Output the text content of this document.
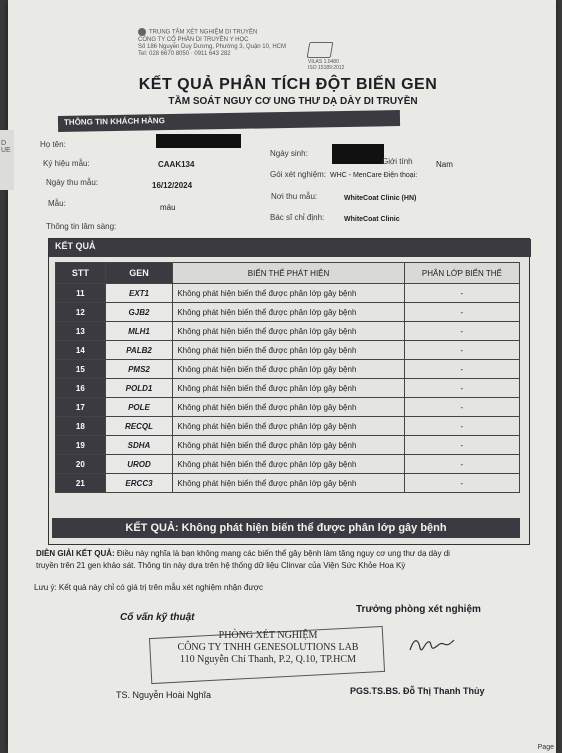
TRUNG TÂM XÉT NGHIỆM DI TRUYỀN
CÔNG TY CỔ PHẦN DI TRUYỀN Y HỌC
Số 186 Nguyễn Duy Dương, Phường 3, Quận 10, HCM
Tel: 028 6670 8050 · 0911 643 282
VILAS 1.0480
ISO 15189:2012
KẾT QUẢ PHÂN TÍCH ĐỘT BIẾN GEN
TẦM SOÁT NGUY CƠ UNG THƯ DẠ DÀY DI TRUYỀN
THÔNG TIN KHÁCH HÀNG
Họ tên:
Ngày sinh:
Giới tính	Nam
Ký hiệu mẫu:	CAAK134
Gói xét nghiệm: WHC - MenCare Điện thoại:
Ngày thu mẫu:	16/12/2024
Nơi thu mẫu:	WhiteCoat Clinic (HN)
Mẫu:	máu
Bác sĩ chỉ định:	WhiteCoat Clinic
Thông tin lâm sàng:
KẾT QUẢ
STT	GEN	BIẾN THỂ PHÁT HIỆN	PHÂN LỚP BIẾN THỂ
11	EXT1	Không phát hiện biến thể được phân lớp gây bệnh	-
12	GJB2	Không phát hiện biến thể được phân lớp gây bệnh	-
13	MLH1	Không phát hiện biến thể được phân lớp gây bệnh	-
14	PALB2	Không phát hiện biến thể được phân lớp gây bệnh	-
15	PMS2	Không phát hiện biến thể được phân lớp gây bệnh	-
16	POLD1	Không phát hiện biến thể được phân lớp gây bệnh	-
17	POLE	Không phát hiện biến thể được phân lớp gây bệnh	-
18	RECQL	Không phát hiện biến thể được phân lớp gây bệnh	-
19	SDHA	Không phát hiện biến thể được phân lớp gây bệnh	-
20	UROD	Không phát hiện biến thể được phân lớp gây bệnh	-
21	ERCC3	Không phát hiện biến thể được phân lớp gây bệnh	-
KẾT QUẢ: Không phát hiện biến thể được phân lớp gây bệnh
DIỄN GIẢI KẾT QUẢ: Điều này nghĩa là bạn không mang các biến thể gây bệnh làm tăng nguy cơ ung thư dạ dày di
truyền trên 21 gen khảo sát. Thông tin này dựa trên hệ thống dữ liệu Clinvar của Viện Sức Khỏe Hoa Kỳ
Lưu ý: Kết quả này chỉ có giá trị trên mẫu xét nghiệm nhận được
Trưởng phòng xét nghiệm
Cố vấn kỹ thuật
PHÒNG XÉT NGHIỆM
CÔNG TY TNHH GENESOLUTIONS LAB
110 Nguyễn Chí Thanh, P.2, Q.10, TP.HCM
TS. Nguyễn Hoài Nghĩa	PGS.TS.BS. Đỗ Thị Thanh Thủy
Page
D UE
